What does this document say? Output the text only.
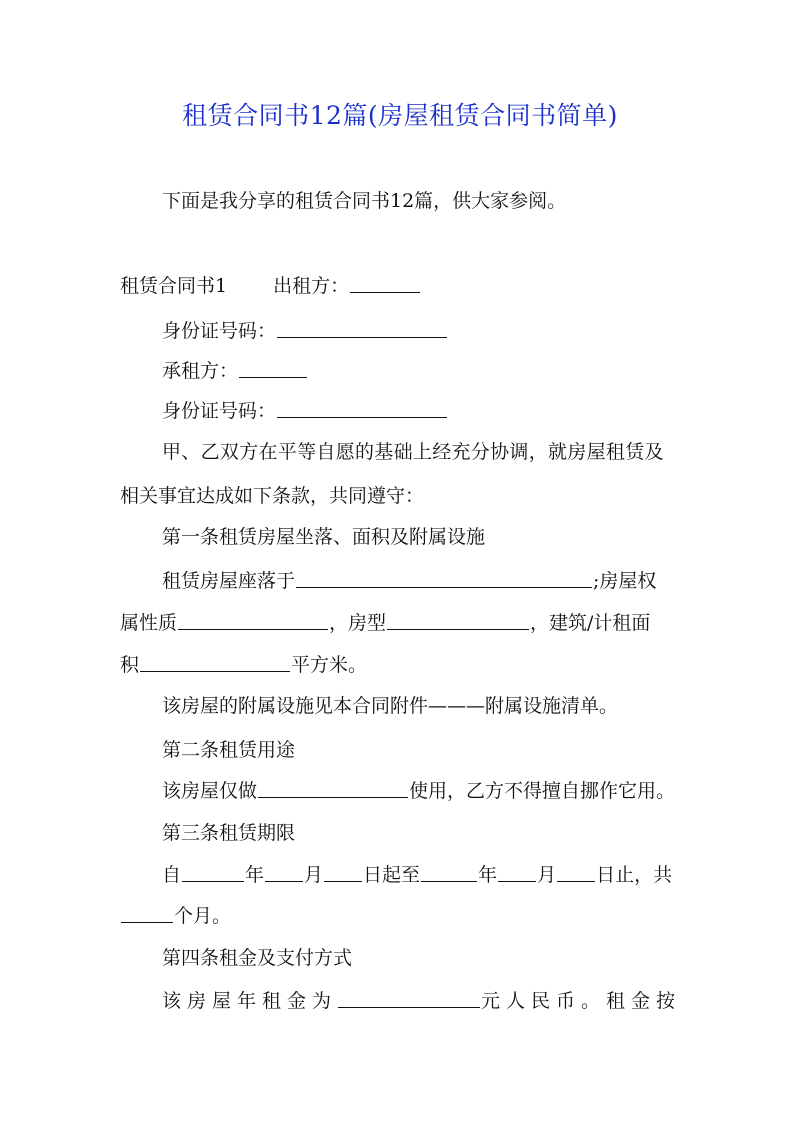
租赁合同书12篇(房屋租赁合同书简单)
下面是我分享的租赁合同书12篇，供大家参阅。
租赁合同书1 出租方：
身份证号码：
承租方：
身份证号码：
甲、乙双方在平等自愿的基础上经充分协调，就房屋租赁及
相关事宜达成如下条款，共同遵守：
第一条租赁房屋坐落、面积及附属设施
租赁房屋座落于	;房屋权
属性质	，房型	，建筑/计租面
积	平方米。
该房屋的附属设施见本合同附件———附属设施清单。
第二条租赁用途
该房屋仅做	使用，乙方不得擅自挪作它用。
第三条租赁期限
自	年 月 日起至	年 月 日止，共
个月。
第四条租金及支付方式
该房屋年租金为	元人民币。租金按
